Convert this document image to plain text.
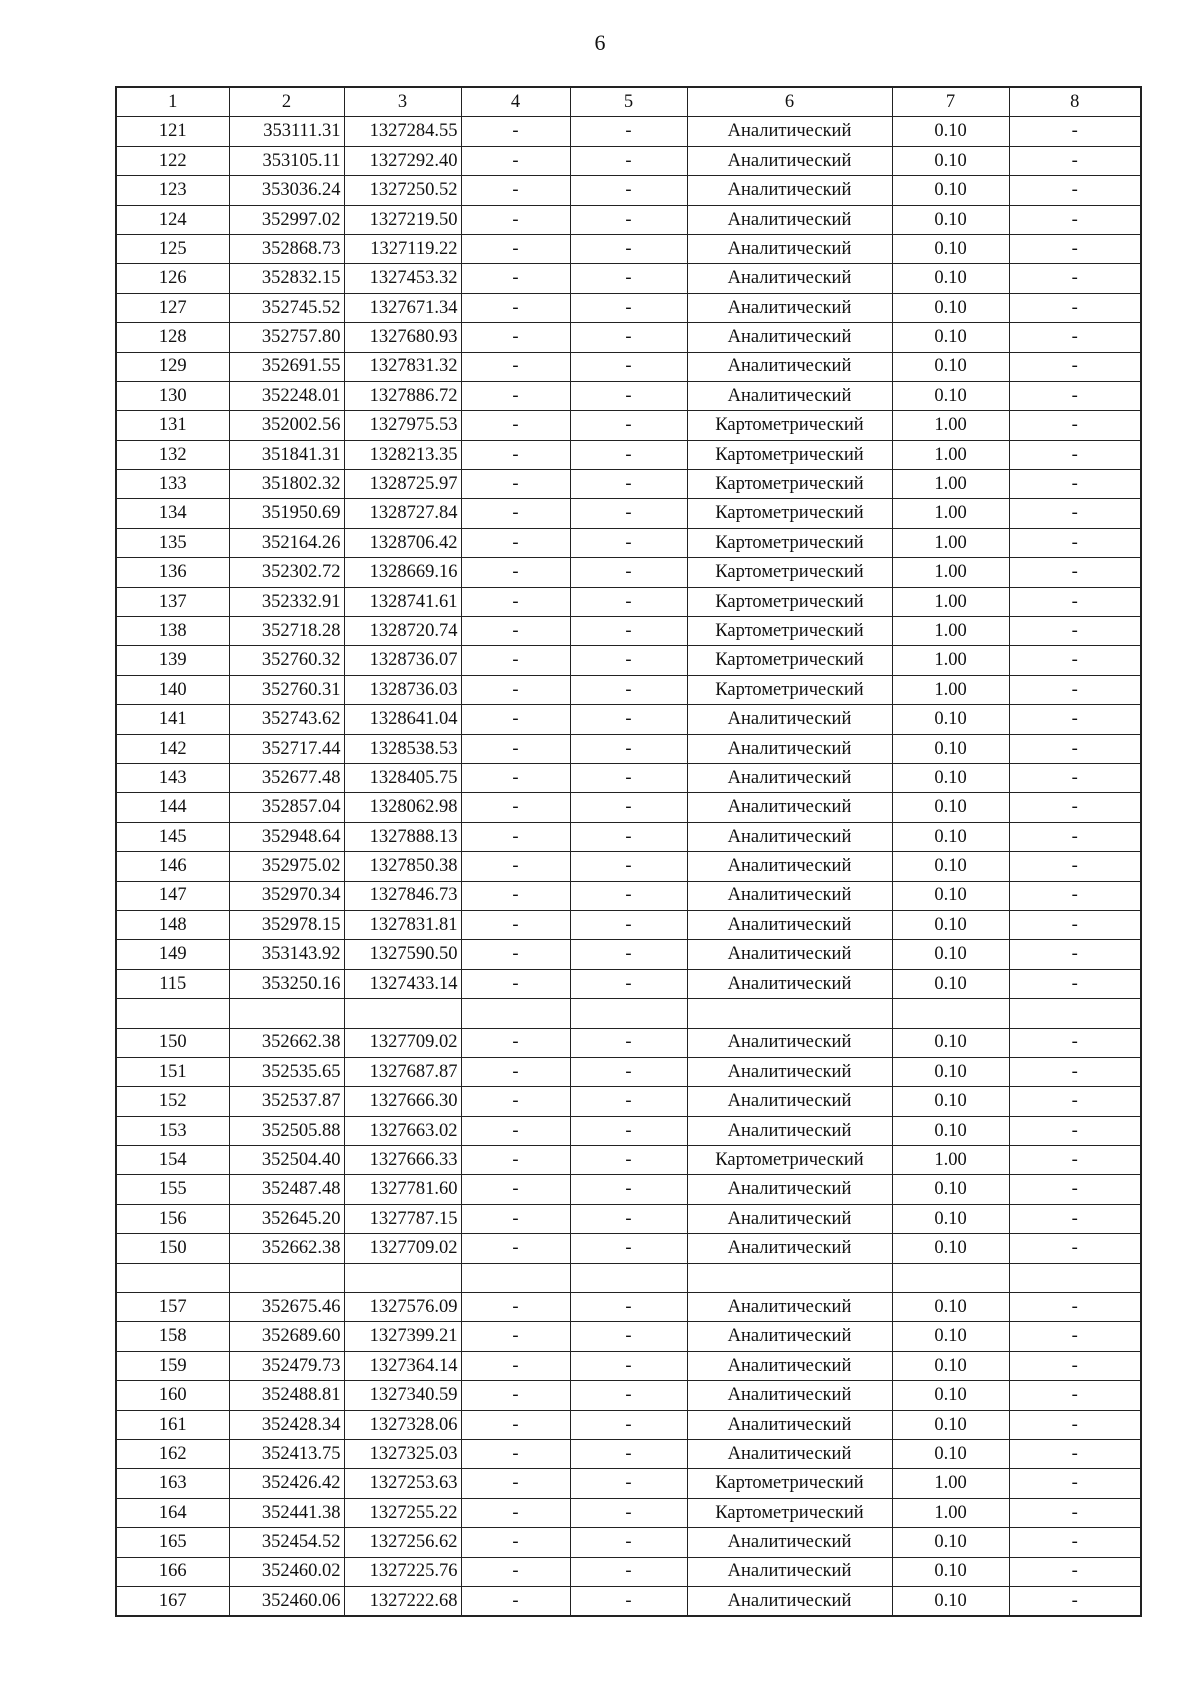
6
1	2	3	4	5	6	7	8
121	353111.31	1327284.55	-	-	Аналитический	0.10	-
122	353105.11	1327292.40	-	-	Аналитический	0.10	-
123	353036.24	1327250.52	-	-	Аналитический	0.10	-
124	352997.02	1327219.50	-	-	Аналитический	0.10	-
125	352868.73	1327119.22	-	-	Аналитический	0.10	-
126	352832.15	1327453.32	-	-	Аналитический	0.10	-
127	352745.52	1327671.34	-	-	Аналитический	0.10	-
128	352757.80	1327680.93	-	-	Аналитический	0.10	-
129	352691.55	1327831.32	-	-	Аналитический	0.10	-
130	352248.01	1327886.72	-	-	Аналитический	0.10	-
131	352002.56	1327975.53	-	-	Картометрический	1.00	-
132	351841.31	1328213.35	-	-	Картометрический	1.00	-
133	351802.32	1328725.97	-	-	Картометрический	1.00	-
134	351950.69	1328727.84	-	-	Картометрический	1.00	-
135	352164.26	1328706.42	-	-	Картометрический	1.00	-
136	352302.72	1328669.16	-	-	Картометрический	1.00	-
137	352332.91	1328741.61	-	-	Картометрический	1.00	-
138	352718.28	1328720.74	-	-	Картометрический	1.00	-
139	352760.32	1328736.07	-	-	Картометрический	1.00	-
140	352760.31	1328736.03	-	-	Картометрический	1.00	-
141	352743.62	1328641.04	-	-	Аналитический	0.10	-
142	352717.44	1328538.53	-	-	Аналитический	0.10	-
143	352677.48	1328405.75	-	-	Аналитический	0.10	-
144	352857.04	1328062.98	-	-	Аналитический	0.10	-
145	352948.64	1327888.13	-	-	Аналитический	0.10	-
146	352975.02	1327850.38	-	-	Аналитический	0.10	-
147	352970.34	1327846.73	-	-	Аналитический	0.10	-
148	352978.15	1327831.81	-	-	Аналитический	0.10	-
149	353143.92	1327590.50	-	-	Аналитический	0.10	-
115	353250.16	1327433.14	-	-	Аналитический	0.10	-

150	352662.38	1327709.02	-	-	Аналитический	0.10	-
151	352535.65	1327687.87	-	-	Аналитический	0.10	-
152	352537.87	1327666.30	-	-	Аналитический	0.10	-
153	352505.88	1327663.02	-	-	Аналитический	0.10	-
154	352504.40	1327666.33	-	-	Картометрический	1.00	-
155	352487.48	1327781.60	-	-	Аналитический	0.10	-
156	352645.20	1327787.15	-	-	Аналитический	0.10	-
150	352662.38	1327709.02	-	-	Аналитический	0.10	-

157	352675.46	1327576.09	-	-	Аналитический	0.10	-
158	352689.60	1327399.21	-	-	Аналитический	0.10	-
159	352479.73	1327364.14	-	-	Аналитический	0.10	-
160	352488.81	1327340.59	-	-	Аналитический	0.10	-
161	352428.34	1327328.06	-	-	Аналитический	0.10	-
162	352413.75	1327325.03	-	-	Аналитический	0.10	-
163	352426.42	1327253.63	-	-	Картометрический	1.00	-
164	352441.38	1327255.22	-	-	Картометрический	1.00	-
165	352454.52	1327256.62	-	-	Аналитический	0.10	-
166	352460.02	1327225.76	-	-	Аналитический	0.10	-
167	352460.06	1327222.68	-	-	Аналитический	0.10	-
